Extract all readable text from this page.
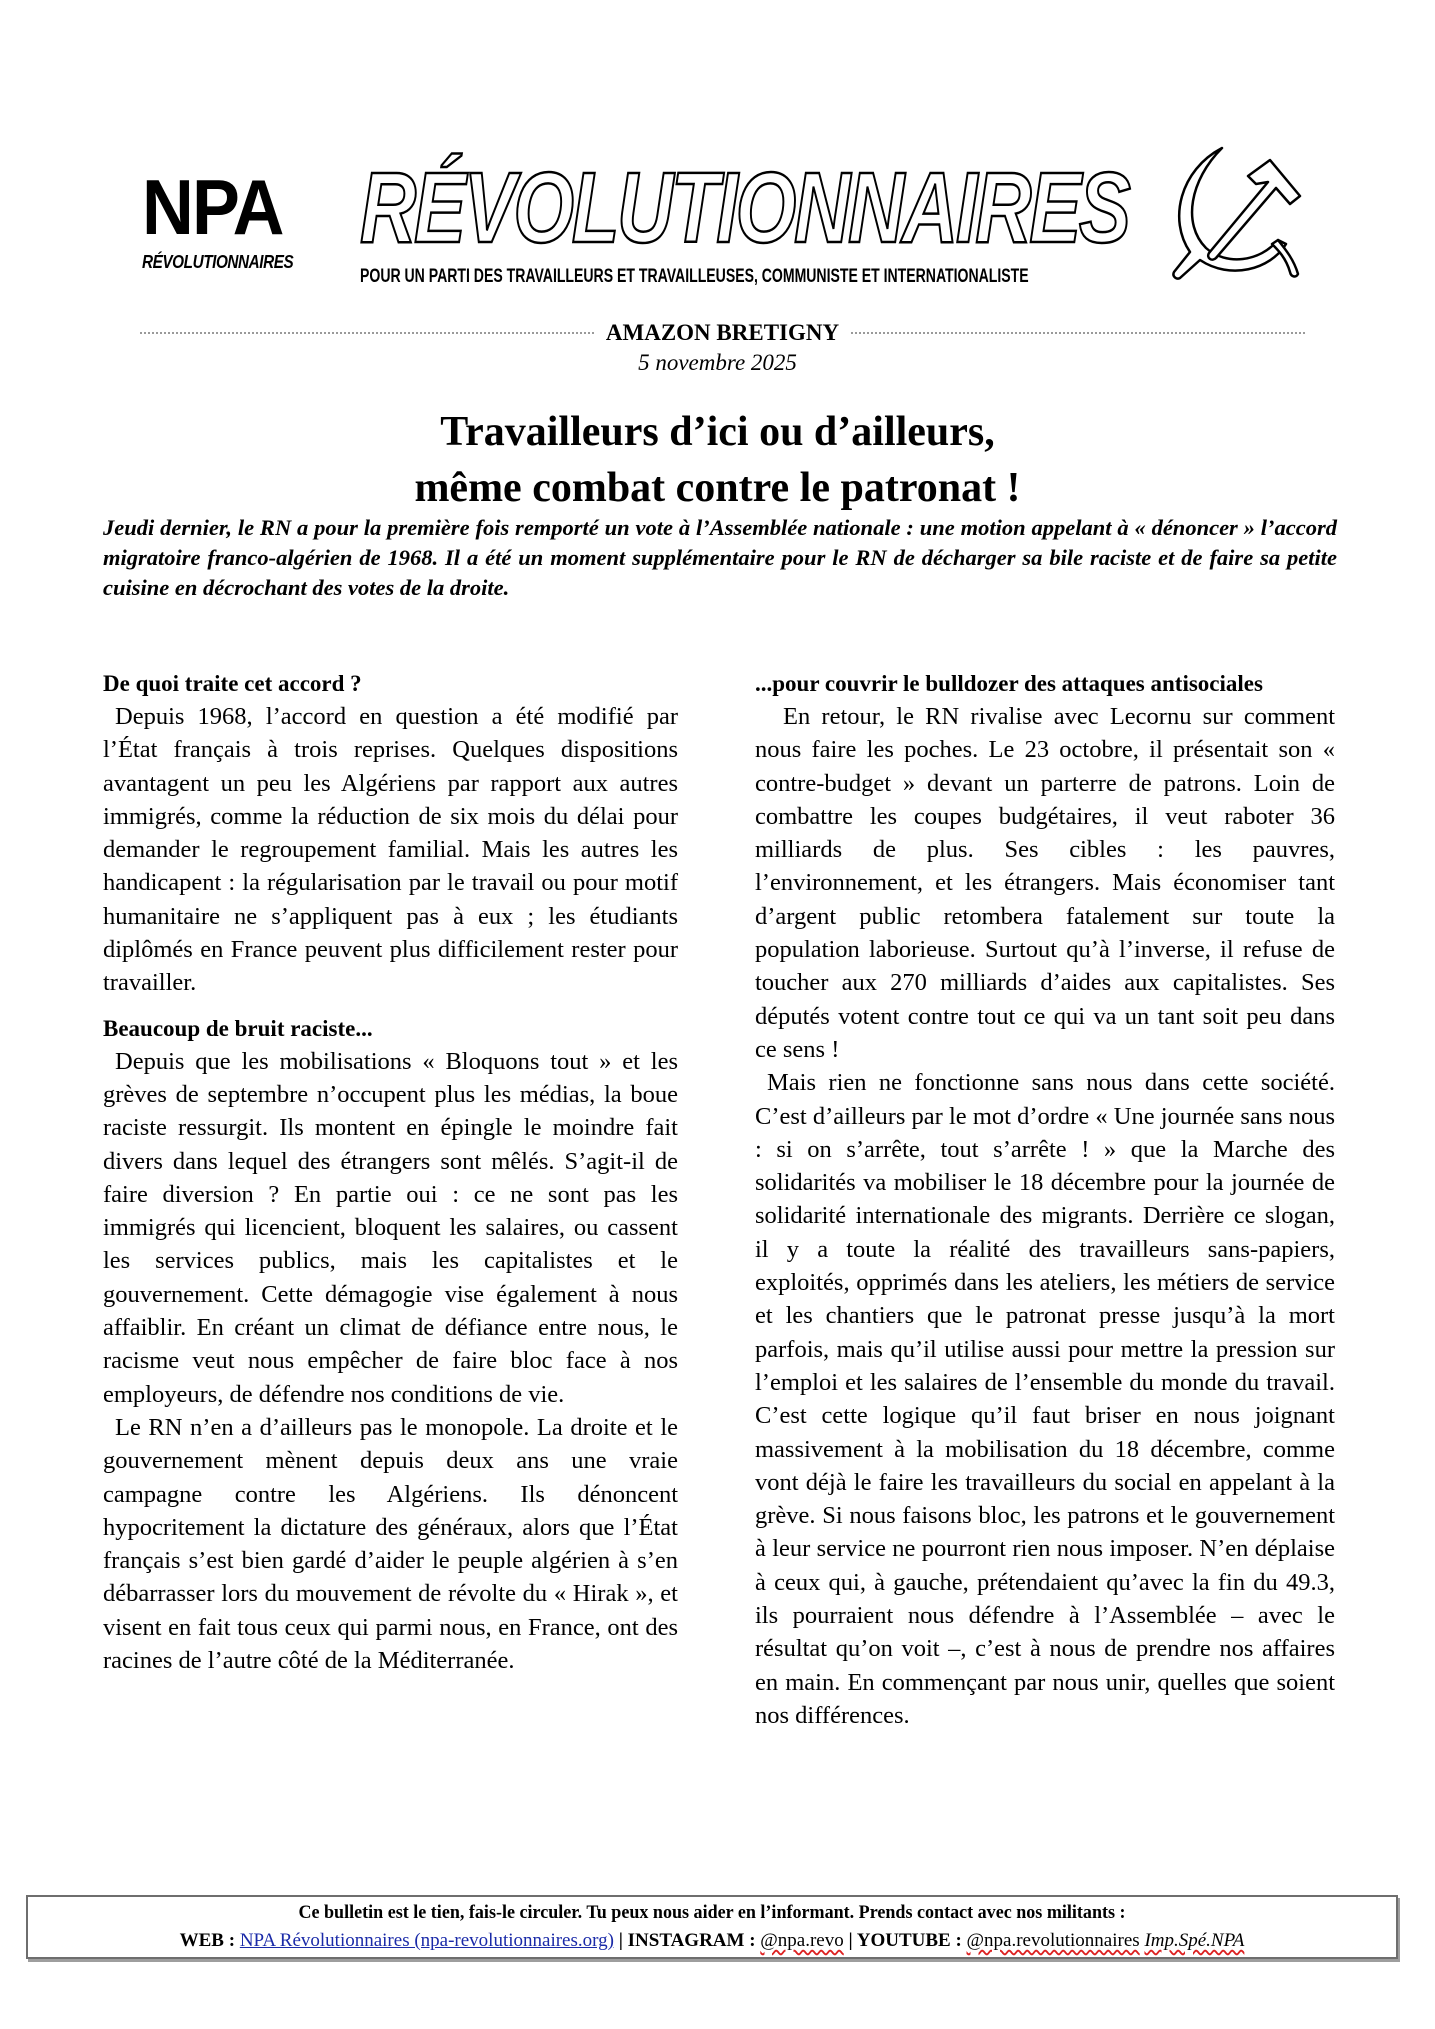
NPA
RÉVOLUTIONNAIRES RÉVOLUTIONNAIRES
POUR UN PARTI DES TRAVAILLEURS ET TRAVAILLEUSES, COMMUNISTE ET INTERNATIONALISTE
AMAZON BRETIGNY
5 novembre 2025
Travailleurs d’ici ou d’ailleurs,
même combat contre le patronat !
Jeudi dernier, le RN a pour la première fois remporté un vote à l’Assemblée nationale : une motion appelant à « dénoncer » l’accord migratoire franco-algérien de 1968. Il a été un moment supplémentaire pour le RN de décharger sa bile raciste et de faire sa petite cuisine en décrochant des votes de la droite.
De quoi traite cet accord ?

Depuis 1968, l’accord en question a été modifié par l’État français à trois reprises. Quelques dispositions avantagent un peu les Algériens par rapport aux autres immigrés, comme la réduction de six mois du délai pour demander le regroupement familial. Mais les autres les handicapent : la régularisation par le travail ou pour motif humanitaire ne s’appliquent pas à eux ; les étudiants diplômés en France peuvent plus difficilement rester pour travailler.

Beaucoup de bruit raciste...

Depuis que les mobilisations « Bloquons tout » et les grèves de septembre n’occupent plus les médias, la boue raciste ressurgit. Ils montent en épingle le moindre fait divers dans lequel des étrangers sont mêlés. S’agit-il de faire diversion ? En partie oui : ce ne sont pas les immigrés qui licencient, bloquent les salaires, ou cassent les services publics, mais les capitalistes et le gouvernement. Cette démagogie vise également à nous affaiblir. En créant un climat de défiance entre nous, le racisme veut nous empêcher de faire bloc face à nos employeurs, de défendre nos conditions de vie.

Le RN n’en a d’ailleurs pas le monopole. La droite et le gouvernement mènent depuis deux ans une vraie campagne contre les Algériens. Ils dénoncent hypocritement la dictature des généraux, alors que l’État français s’est bien gardé d’aider le peuple algérien à s’en débarrasser lors du mouvement de révolte du « Hirak », et visent en fait tous ceux qui parmi nous, en France, ont des racines de l’autre côté de la Méditerranée.

...pour couvrir le bulldozer des attaques antisociales

En retour, le RN rivalise avec Lecornu sur comment nous faire les poches. Le 23 octobre, il présentait son « contre-budget » devant un parterre de patrons. Loin de combattre les coupes budgétaires, il veut raboter 36 milliards de plus. Ses cibles : les pauvres, l’environnement, et les étrangers. Mais économiser tant d’argent public retombera fatalement sur toute la population laborieuse. Surtout qu’à l’inverse, il refuse de toucher aux 270 milliards d’aides aux capitalistes. Ses députés votent contre tout ce qui va un tant soit peu dans ce sens !

Mais rien ne fonctionne sans nous dans cette société. C’est d’ailleurs par le mot d’ordre « Une journée sans nous : si on s’arrête, tout s’arrête ! » que la Marche des solidarités va mobiliser le 18 décembre pour la journée de solidarité internationale des migrants. Derrière ce slogan, il y a toute la réalité des travailleurs sans-papiers, exploités, opprimés dans les ateliers, les métiers de service et les chantiers que le patronat presse jusqu’à la mort parfois, mais qu’il utilise aussi pour mettre la pression sur l’emploi et les salaires de l’ensemble du monde du travail. C’est cette logique qu’il faut briser en nous joignant massivement à la mobilisation du 18 décembre, comme vont déjà le faire les travailleurs du social en appelant à la grève. Si nous faisons bloc, les patrons et le gouvernement à leur service ne pourront rien nous imposer. N’en déplaise à ceux qui, à gauche, prétendaient qu’avec la fin du 49.3, ils pourraient nous défendre à l’Assemblée – avec le résultat qu’on voit –, c’est à nous de prendre nos affaires en main. En commençant par nous unir, quelles que soient nos différences.

Ce bulletin est le tien, fais-le circuler. Tu peux nous aider en l’informant. Prends contact avec nos militants :
WEB : NPA Révolutionnaires (npa-revolutionnaires.org) | INSTAGRAM : @npa.revo | YOUTUBE : @npa.revolutionnaires Imp.Spé.NPA
